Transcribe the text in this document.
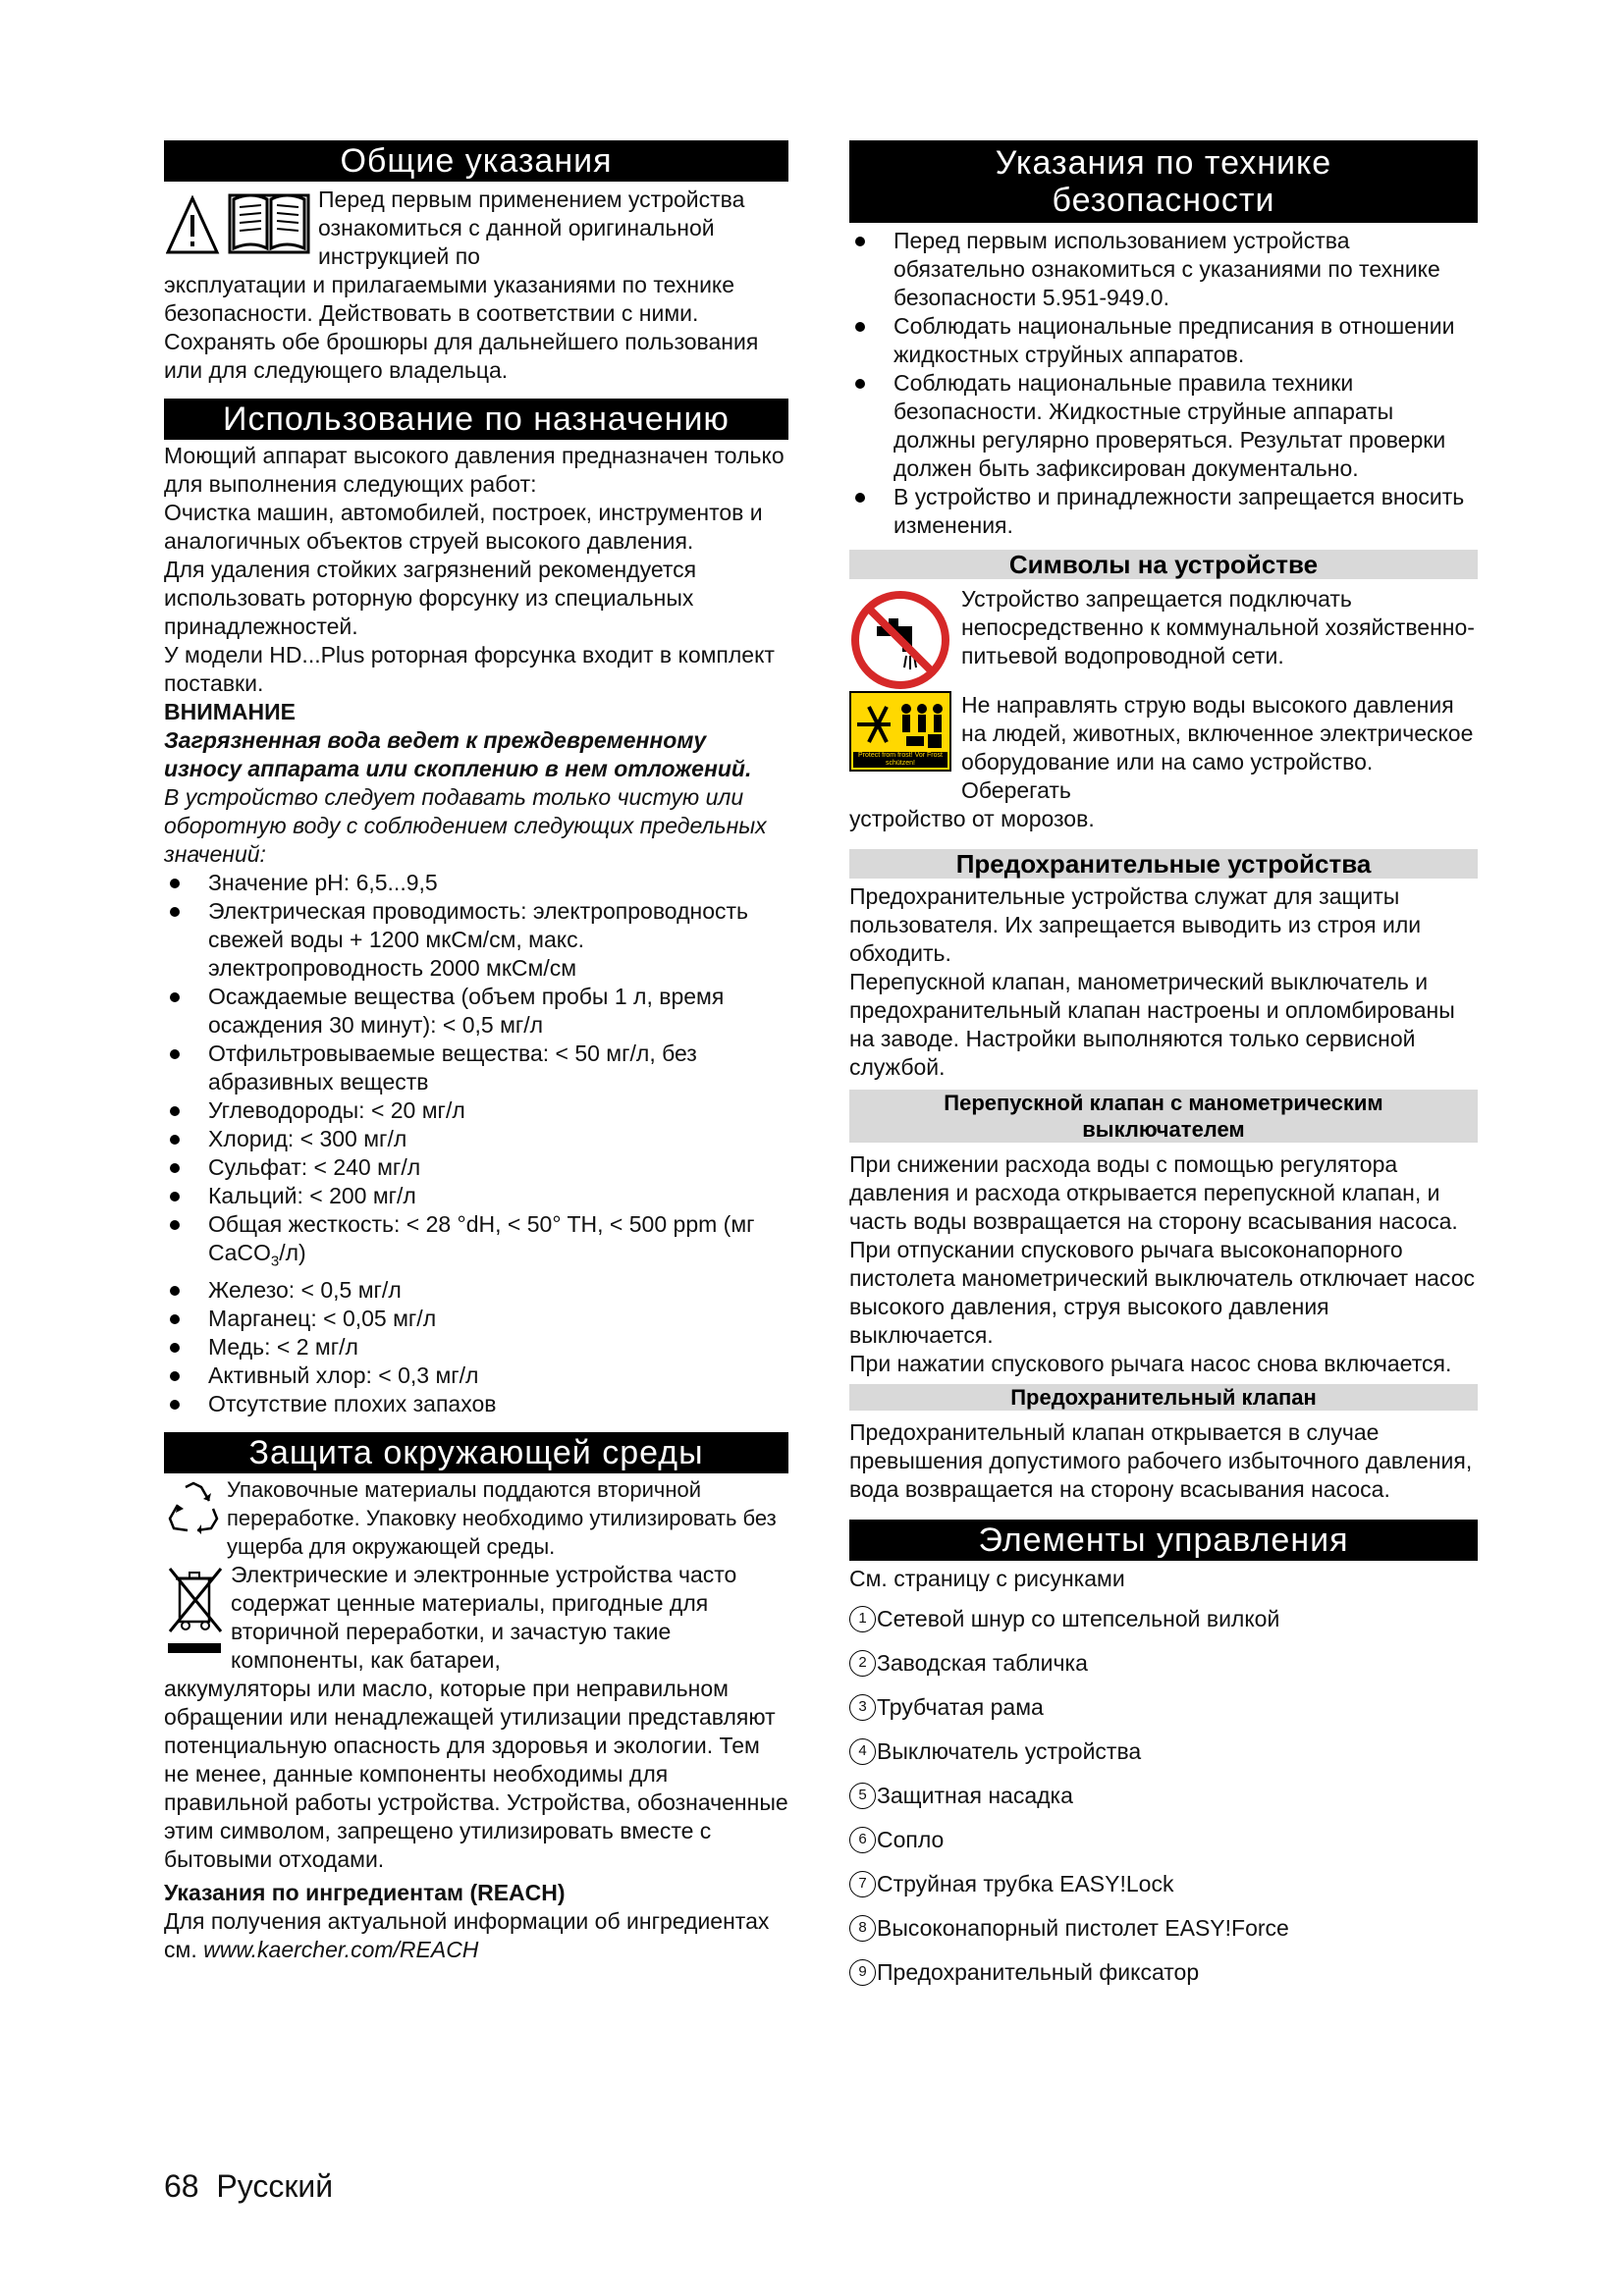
Общие указания

Перед первым применением устройства ознакомиться с данной оригинальной инструкцией по

эксплуатации и прилагаемыми указаниями по технике безопасности. Действовать в соответствии с ними.

Сохранять обе брошюры для дальнейшего пользования или для следующего владельца.

Использование по назначению

Моющий аппарат высокого давления предназначен только для выполнения следующих работ:

Очистка машин, автомобилей, построек, инструментов и аналогичных объектов струей высокого давления.

Для удаления стойких загрязнений рекомендуется использовать роторную форсунку из специальных принадлежностей.

У модели HD...Plus роторная форсунка входит в комплект поставки.

ВНИМАНИЕ

Загрязненная вода ведет к преждевременному износу аппарата или скоплению в нем отложений.

В устройство следует подавать только чистую или оборотную воду с соблюдением следующих предельных значений:

Значение pH: 6,5...9,5
Электрическая проводимость: электропроводность свежей воды + 1200 мкСм/см, макс. электропроводность 2000 мкСм/см
Осаждаемые вещества (объем пробы 1 л, время осаждения 30 минут): < 0,5 мг/л
Отфильтровываемые вещества: < 50 мг/л, без абразивных веществ
Углеводороды: < 20 мг/л
Хлорид: < 300 мг/л
Сульфат: < 240 мг/л
Кальций: < 200 мг/л
Общая жесткость: < 28 °dH, < 50° TH, < 500 ppm (мг CaCO$_3$/л)
Железо: < 0,5 мг/л
Марганец: < 0,05 мг/л
Медь: < 2 мг/л
Активный хлор: < 0,3 мг/л
Отсутствие плохих запахов
Защита окружающей среды

Упаковочные материалы поддаются вторичной переработке. Упаковку необходимо утилизировать без ущерба для окружающей среды.

Электрические и электронные устройства часто содержат ценные материалы, пригодные для вторичной переработки, и зачастую такие компоненты, как батареи,

аккумуляторы или масло, которые при неправильном обращении или ненадлежащей утилизации представляют потенциальную опасность для здоровья и экологии. Тем не менее, данные компоненты необходимы для правильной работы устройства. Устройства, обозначенные этим символом, запрещено утилизировать вместе с бытовыми отходами.

Указания по ингредиентам (REACH)

Для получения актуальной информации об ингредиентах см. www.kaercher.com/REACH

Указания по технике
безопасности
Перед первым использованием устройства обязательно ознакомиться с указаниями по технике безопасности 5.951-949.0.
Соблюдать национальные предписания в отношении жидкостных струйных аппаратов.
Соблюдать национальные правила техники безопасности. Жидкостные струйные аппараты должны регулярно проверяться. Результат проверки должен быть зафиксирован документально.
В устройство и принадлежности запрещается вносить изменения.
Символы на устройстве

Устройство запрещается подключать непосредственно к коммунальной хозяйственно-питьевой водопроводной сети.

Protect from frost! Vor Frost schützen!

Не направлять струю воды высокого давления на людей, животных, включенное электрическое оборудование или на само устройство. Оберегать

устройство от морозов.

Предохранительные устройства

Предохранительные устройства служат для защиты пользователя. Их запрещается выводить из строя или обходить.

Перепускной клапан, манометрический выключатель и предохранительный клапан настроены и опломбированы на заводе. Настройки выполняются только сервисной службой.

Перепускной клапан с манометрическим
выключателем

При снижении расхода воды с помощью регулятора давления и расхода открывается перепускной клапан, и часть воды возвращается на сторону всасывания насоса.

При отпускании спускового рычага высоконапорного пистолета манометрический выключатель отключает насос высокого давления, струя высокого давления выключается.

При нажатии спускового рычага насос снова включается.

Предохранительный клапан

Предохранительный клапан открывается в случае превышения допустимого рабочего избыточного давления, вода возвращается на сторону всасывания насоса.

Элементы управления

См. страницу с рисунками

1 Сетевой шнур со штепсельной вилкой
2 Заводская табличка
3 Трубчатая рама
4 Выключатель устройства
5 Защитная насадка
6 Сопло
7 Струйная трубка EASY!Lock
8 Высоконапорный пистолет EASY!Force
9 Предохранительный фиксатор
68 Русский
